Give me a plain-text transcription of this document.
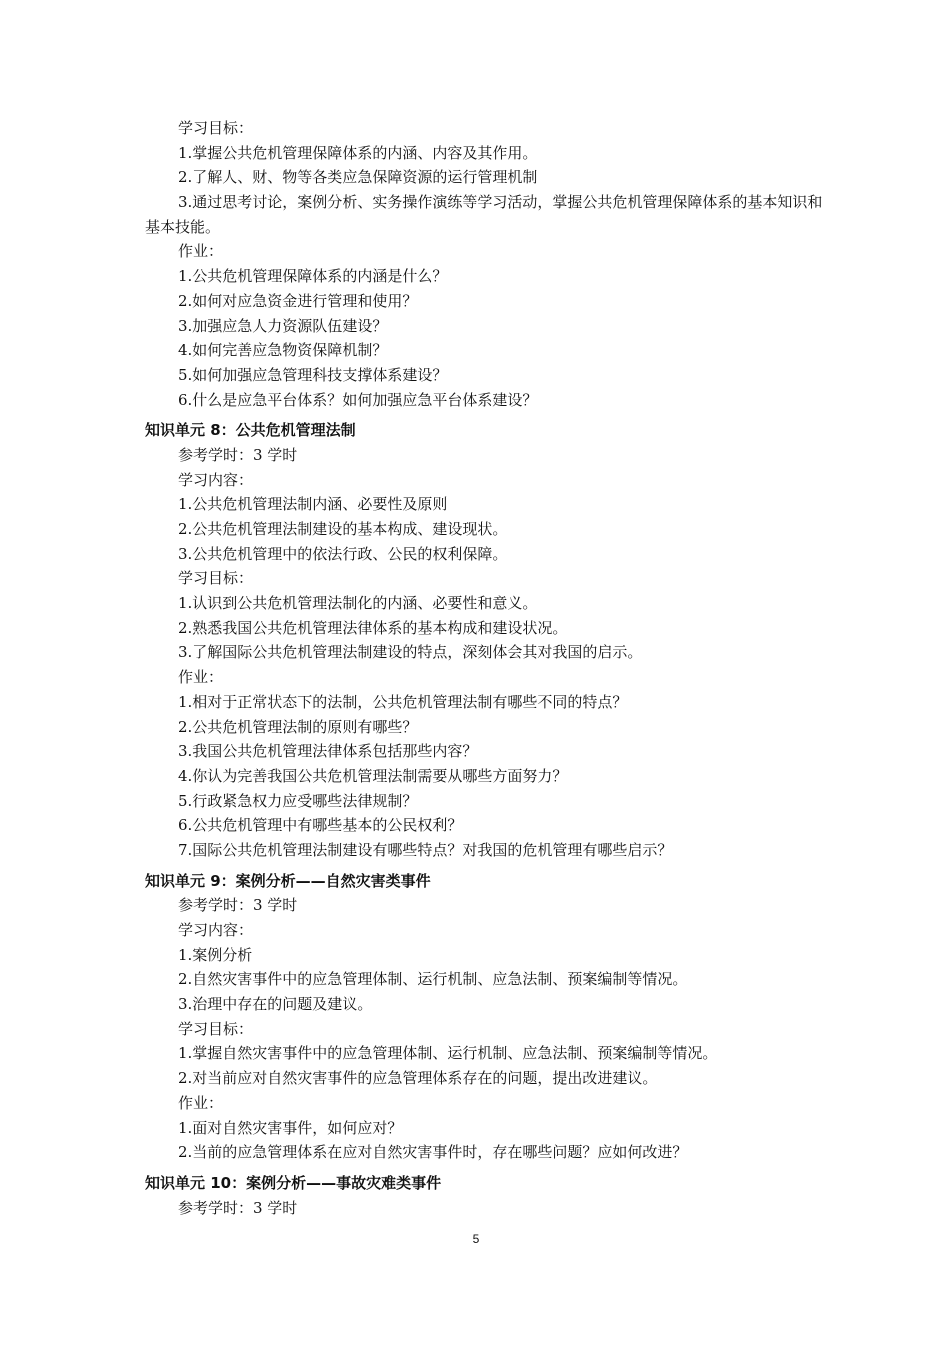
学习目标：
1.掌握公共危机管理保障体系的内涵、内容及其作用。
2.了解人、财、物等各类应急保障资源的运行管理机制
3.通过思考讨论，案例分析、实务操作演练等学习活动，掌握公共危机管理保障体系的基本知识和基本技能。
作业：
1.公共危机管理保障体系的内涵是什么？
2.如何对应急资金进行管理和使用？
3.加强应急人力资源队伍建设？
4.如何完善应急物资保障机制？
5.如何加强应急管理科技支撑体系建设？
6.什么是应急平台体系？如何加强应急平台体系建设？
知识单元 8：公共危机管理法制
参考学时：3 学时
学习内容：
1.公共危机管理法制内涵、必要性及原则
2.公共危机管理法制建设的基本构成、建设现状。
3.公共危机管理中的依法行政、公民的权利保障。
学习目标：
1.认识到公共危机管理法制化的内涵、必要性和意义。
2.熟悉我国公共危机管理法律体系的基本构成和建设状况。
3.了解国际公共危机管理法制建设的特点，深刻体会其对我国的启示。
作业：
1.相对于正常状态下的法制，公共危机管理法制有哪些不同的特点？
2.公共危机管理法制的原则有哪些？
3.我国公共危机管理法律体系包括那些内容？
4.你认为完善我国公共危机管理法制需要从哪些方面努力？
5.行政紧急权力应受哪些法律规制？
6.公共危机管理中有哪些基本的公民权利？
7.国际公共危机管理法制建设有哪些特点？对我国的危机管理有哪些启示？
知识单元 9：案例分析——自然灾害类事件
参考学时：3 学时
学习内容：
1.案例分析
2.自然灾害事件中的应急管理体制、运行机制、应急法制、预案编制等情况。
3.治理中存在的问题及建议。
学习目标：
1.掌握自然灾害事件中的应急管理体制、运行机制、应急法制、预案编制等情况。
2.对当前应对自然灾害事件的应急管理体系存在的问题，提出改进建议。
作业：
1.面对自然灾害事件，如何应对？
2.当前的应急管理体系在应对自然灾害事件时，存在哪些问题？应如何改进？
知识单元 10：案例分析——事故灾难类事件
参考学时：3 学时
5
